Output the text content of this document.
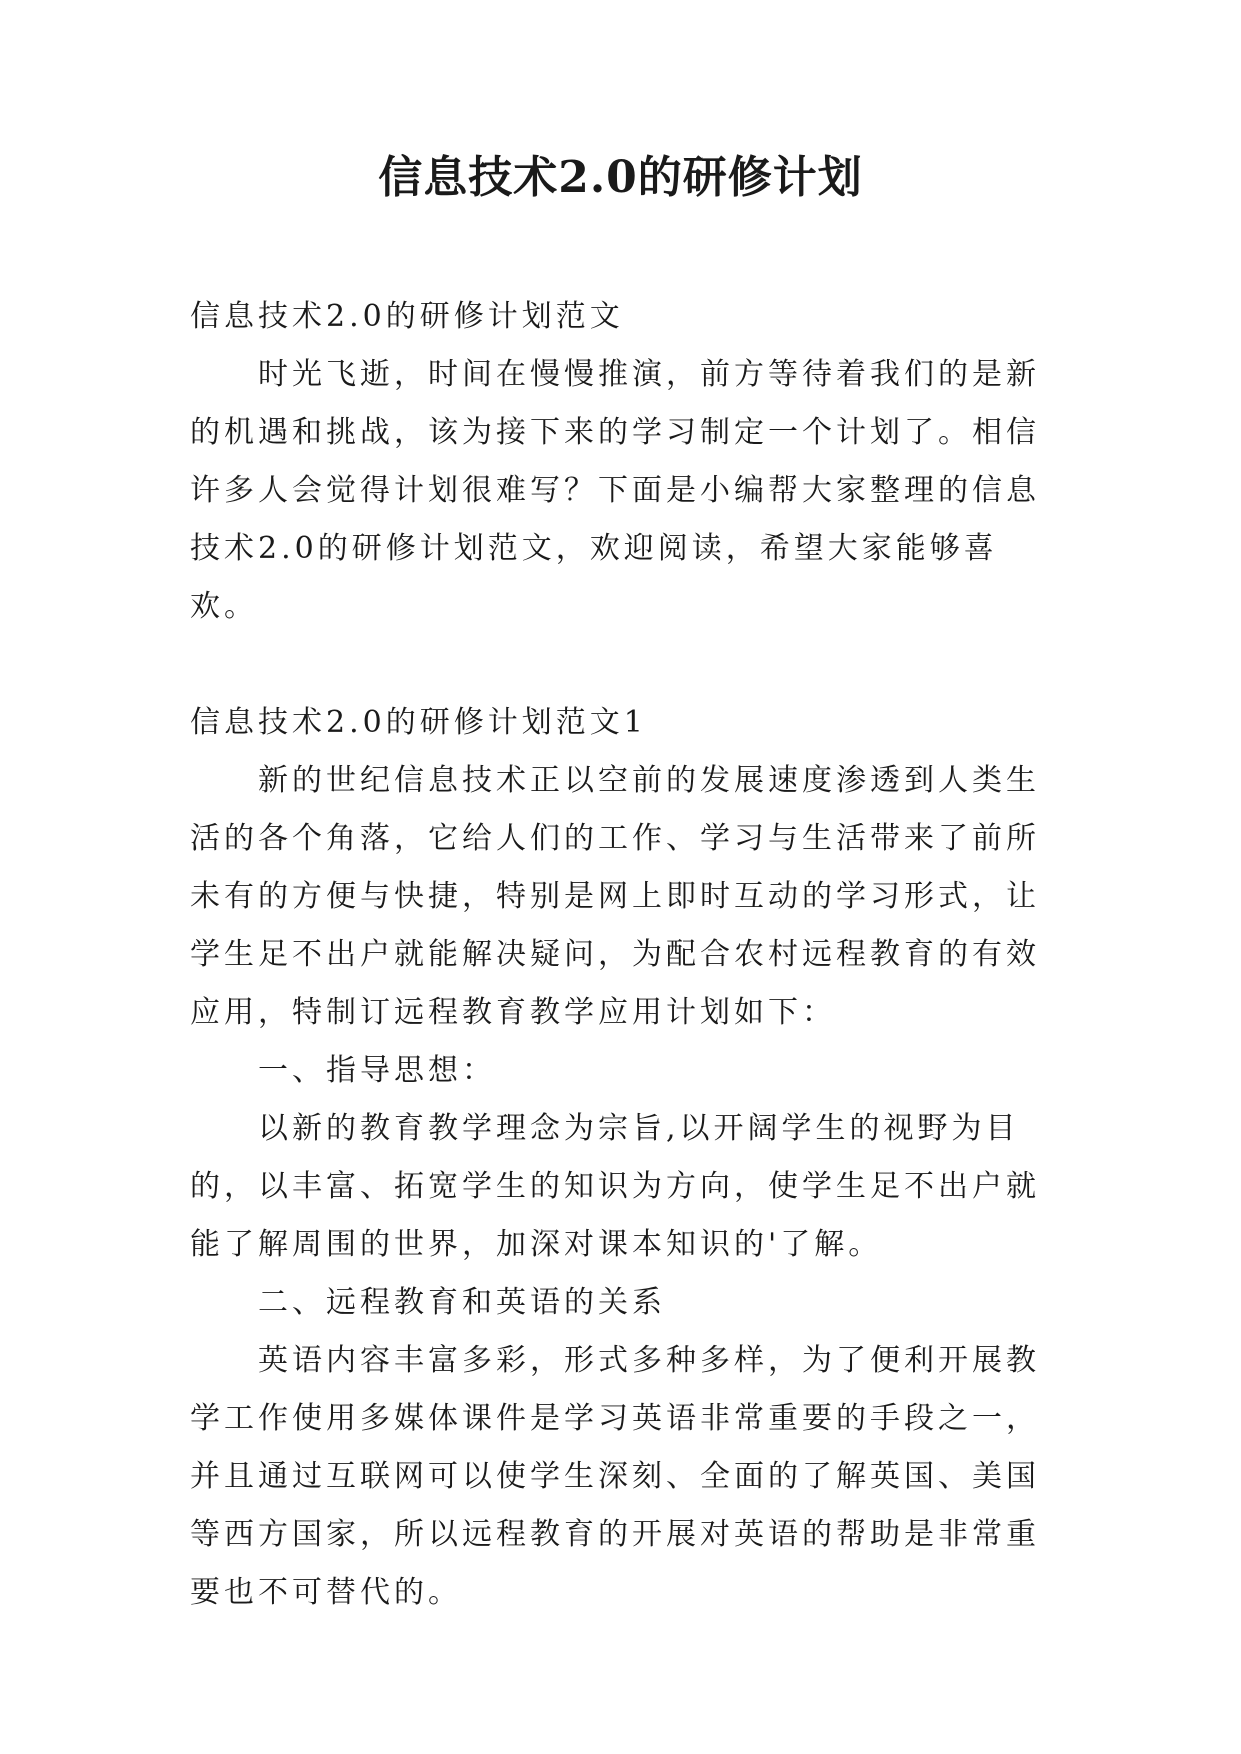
信息技术2.0的研修计划

信息技术2.0的研修计划范文

时光飞逝，时间在慢慢推演，前方等待着我们的是新的机遇和挑战，该为接下来的学习制定一个计划了。相信许多人会觉得计划很难写？下面是小编帮大家整理的信息技术2.0的研修计划范文，欢迎阅读，希望大家能够喜欢。

信息技术2.0的研修计划范文1

新的世纪信息技术正以空前的发展速度渗透到人类生活的各个角落，它给人们的工作、学习与生活带来了前所未有的方便与快捷，特别是网上即时互动的学习形式，让学生足不出户就能解决疑问，为配合农村远程教育的有效应用，特制订远程教育教学应用计划如下：

一、指导思想：

以新的教育教学理念为宗旨,以开阔学生的视野为目的，以丰富、拓宽学生的知识为方向，使学生足不出户就能了解周围的世界，加深对课本知识的'了解。

二、远程教育和英语的关系

英语内容丰富多彩，形式多种多样，为了便利开展教学工作使用多媒体课件是学习英语非常重要的手段之一，并且通过互联网可以使学生深刻、全面的了解英国、美国等西方国家，所以远程教育的开展对英语的帮助是非常重要也不可替代的。
